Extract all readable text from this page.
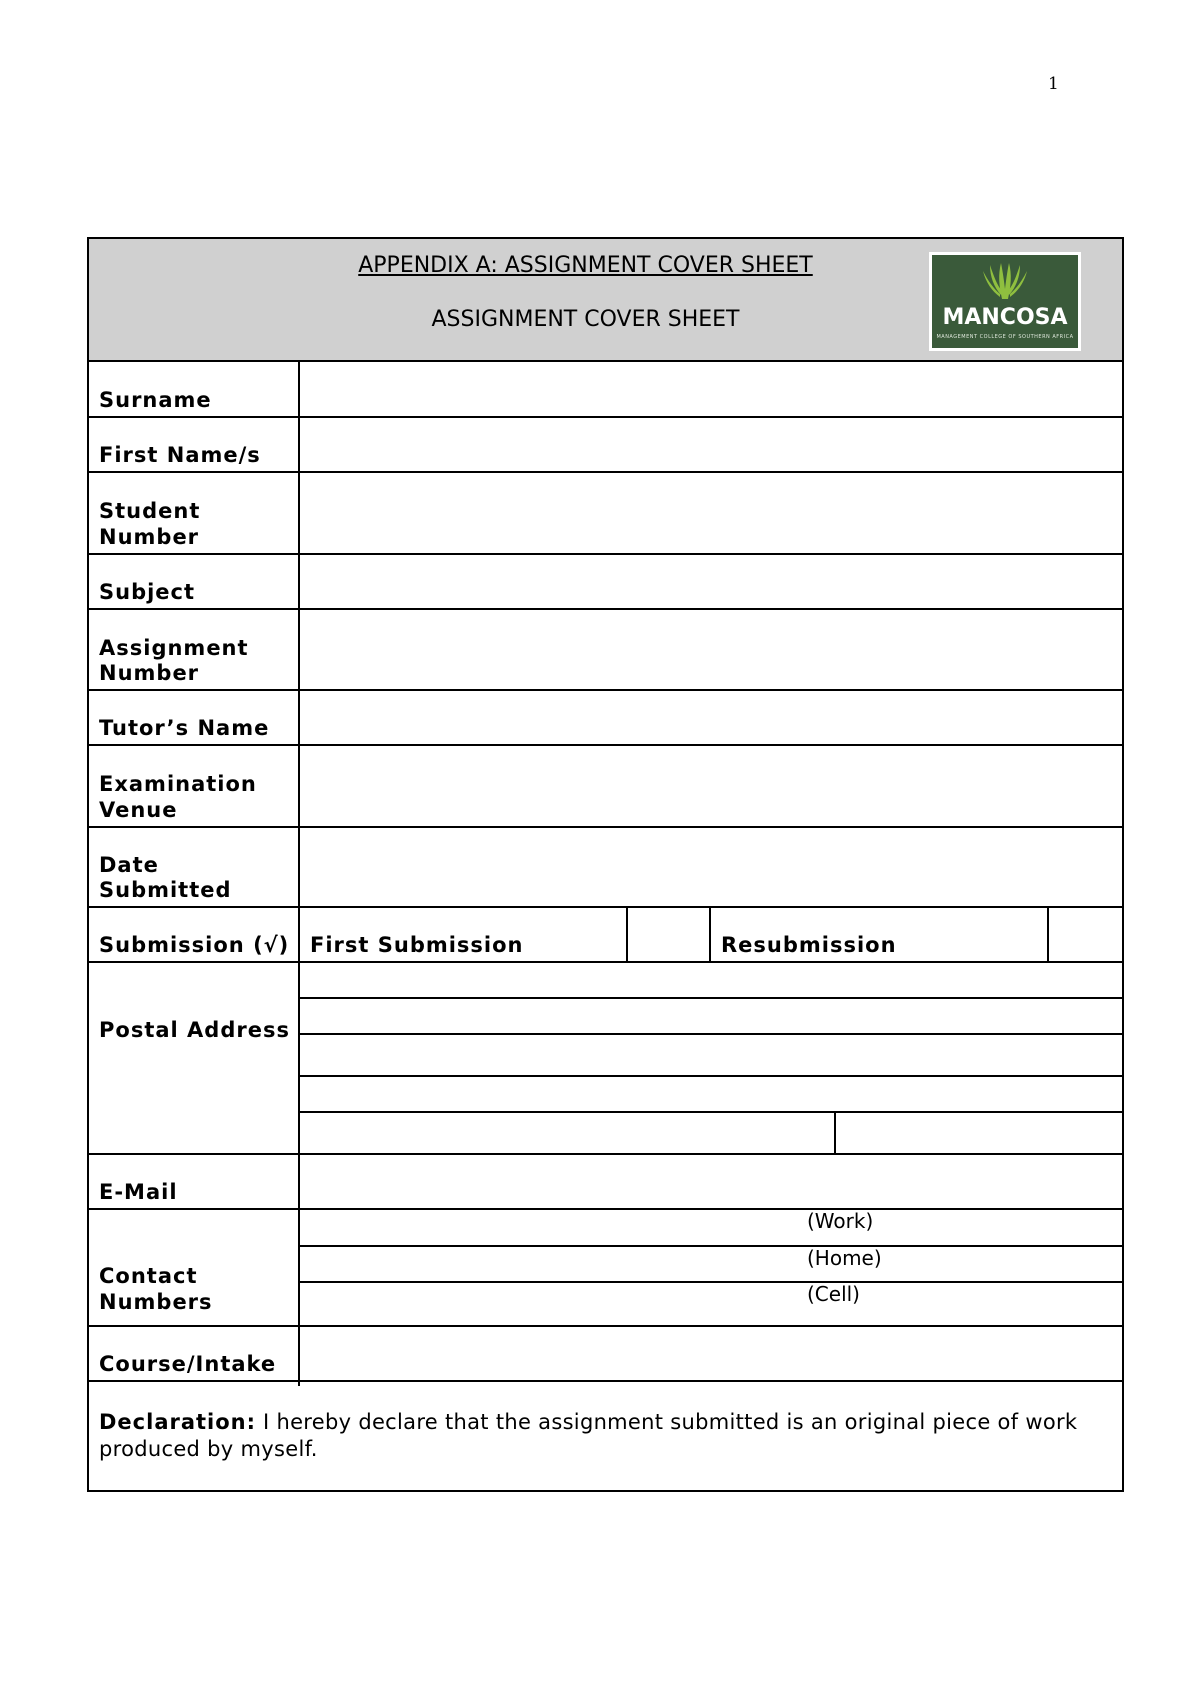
1
APPENDIX A: ASSIGNMENT COVER SHEET
ASSIGNMENT COVER SHEET	MANCOSA
MANAGEMENT COLLEGE OF SOUTHERN AFRICA
Surname
First Name/s
Student
Number
Subject
Assignment
Number
Tutor’s Name
Examination
Venue
Date
Submitted
Submission (√) First Submission	Resubmission
Postal Address
E-Mail
Contact
Numbers
(Work)
(Home)
(Cell)
Course/Intake
Declaration: I hereby declare that the assignment submitted is an original piece of work produced by myself.
